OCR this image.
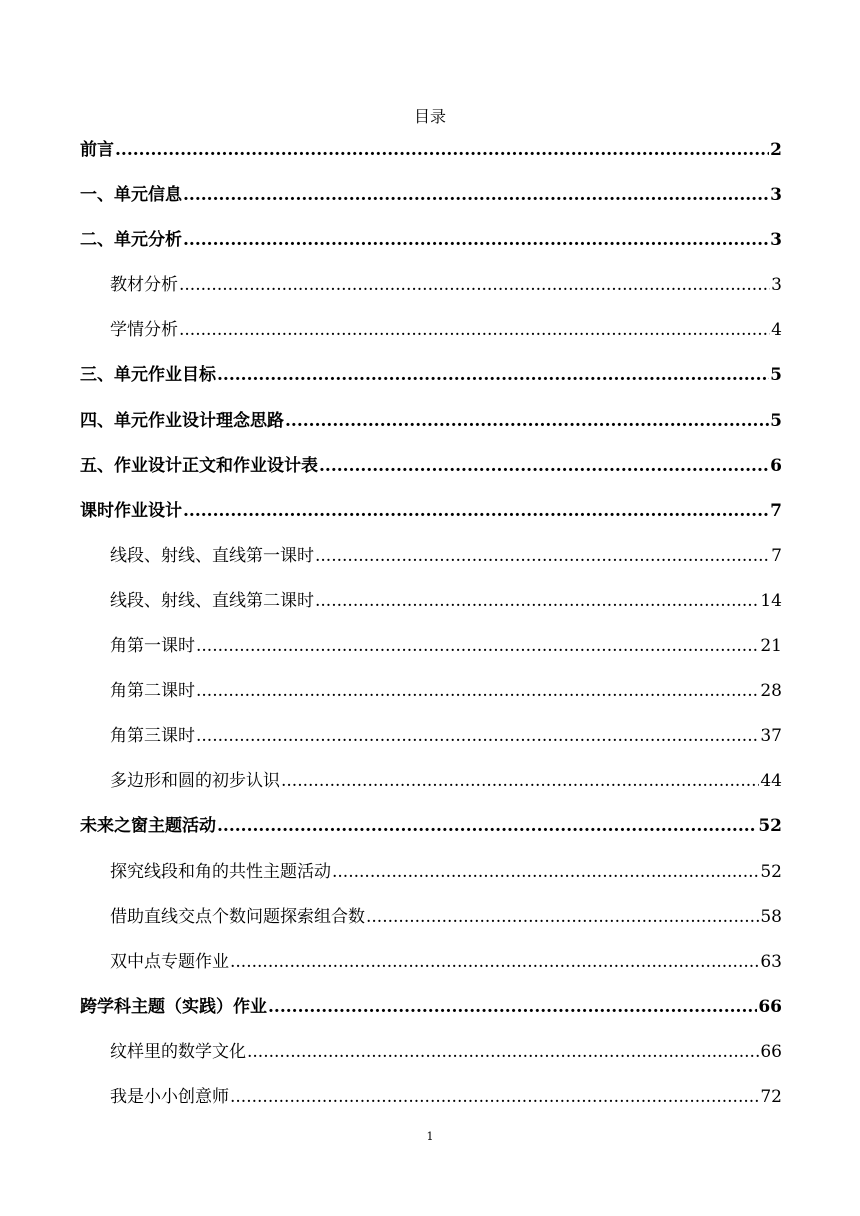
目录
前言 .....	2
一、单元信息 .....	3
二、单元分析 .....	3
教材分析 .....	3
学情分析 .....	4
三、单元作业目标 .....	5
四、单元作业设计理念思路 .....	5
五、作业设计正文和作业设计表 .....	6
课时作业设计 .....	7
线段、射线、直线第一课时 .....	7
线段、射线、直线第二课时 .....	14
角第一课时 .....	21
角第二课时 .....	28
角第三课时 .....	37
多边形和圆的初步认识 .....	44
未来之窗主题活动 .....	52
探究线段和角的共性主题活动 .....	52
借助直线交点个数问题探索组合数 .....	58
双中点专题作业 .....	63
跨学科主题（实践）作业 .....	66
纹样里的数学文化 .....	66
我是小小创意师 .....	72
1
